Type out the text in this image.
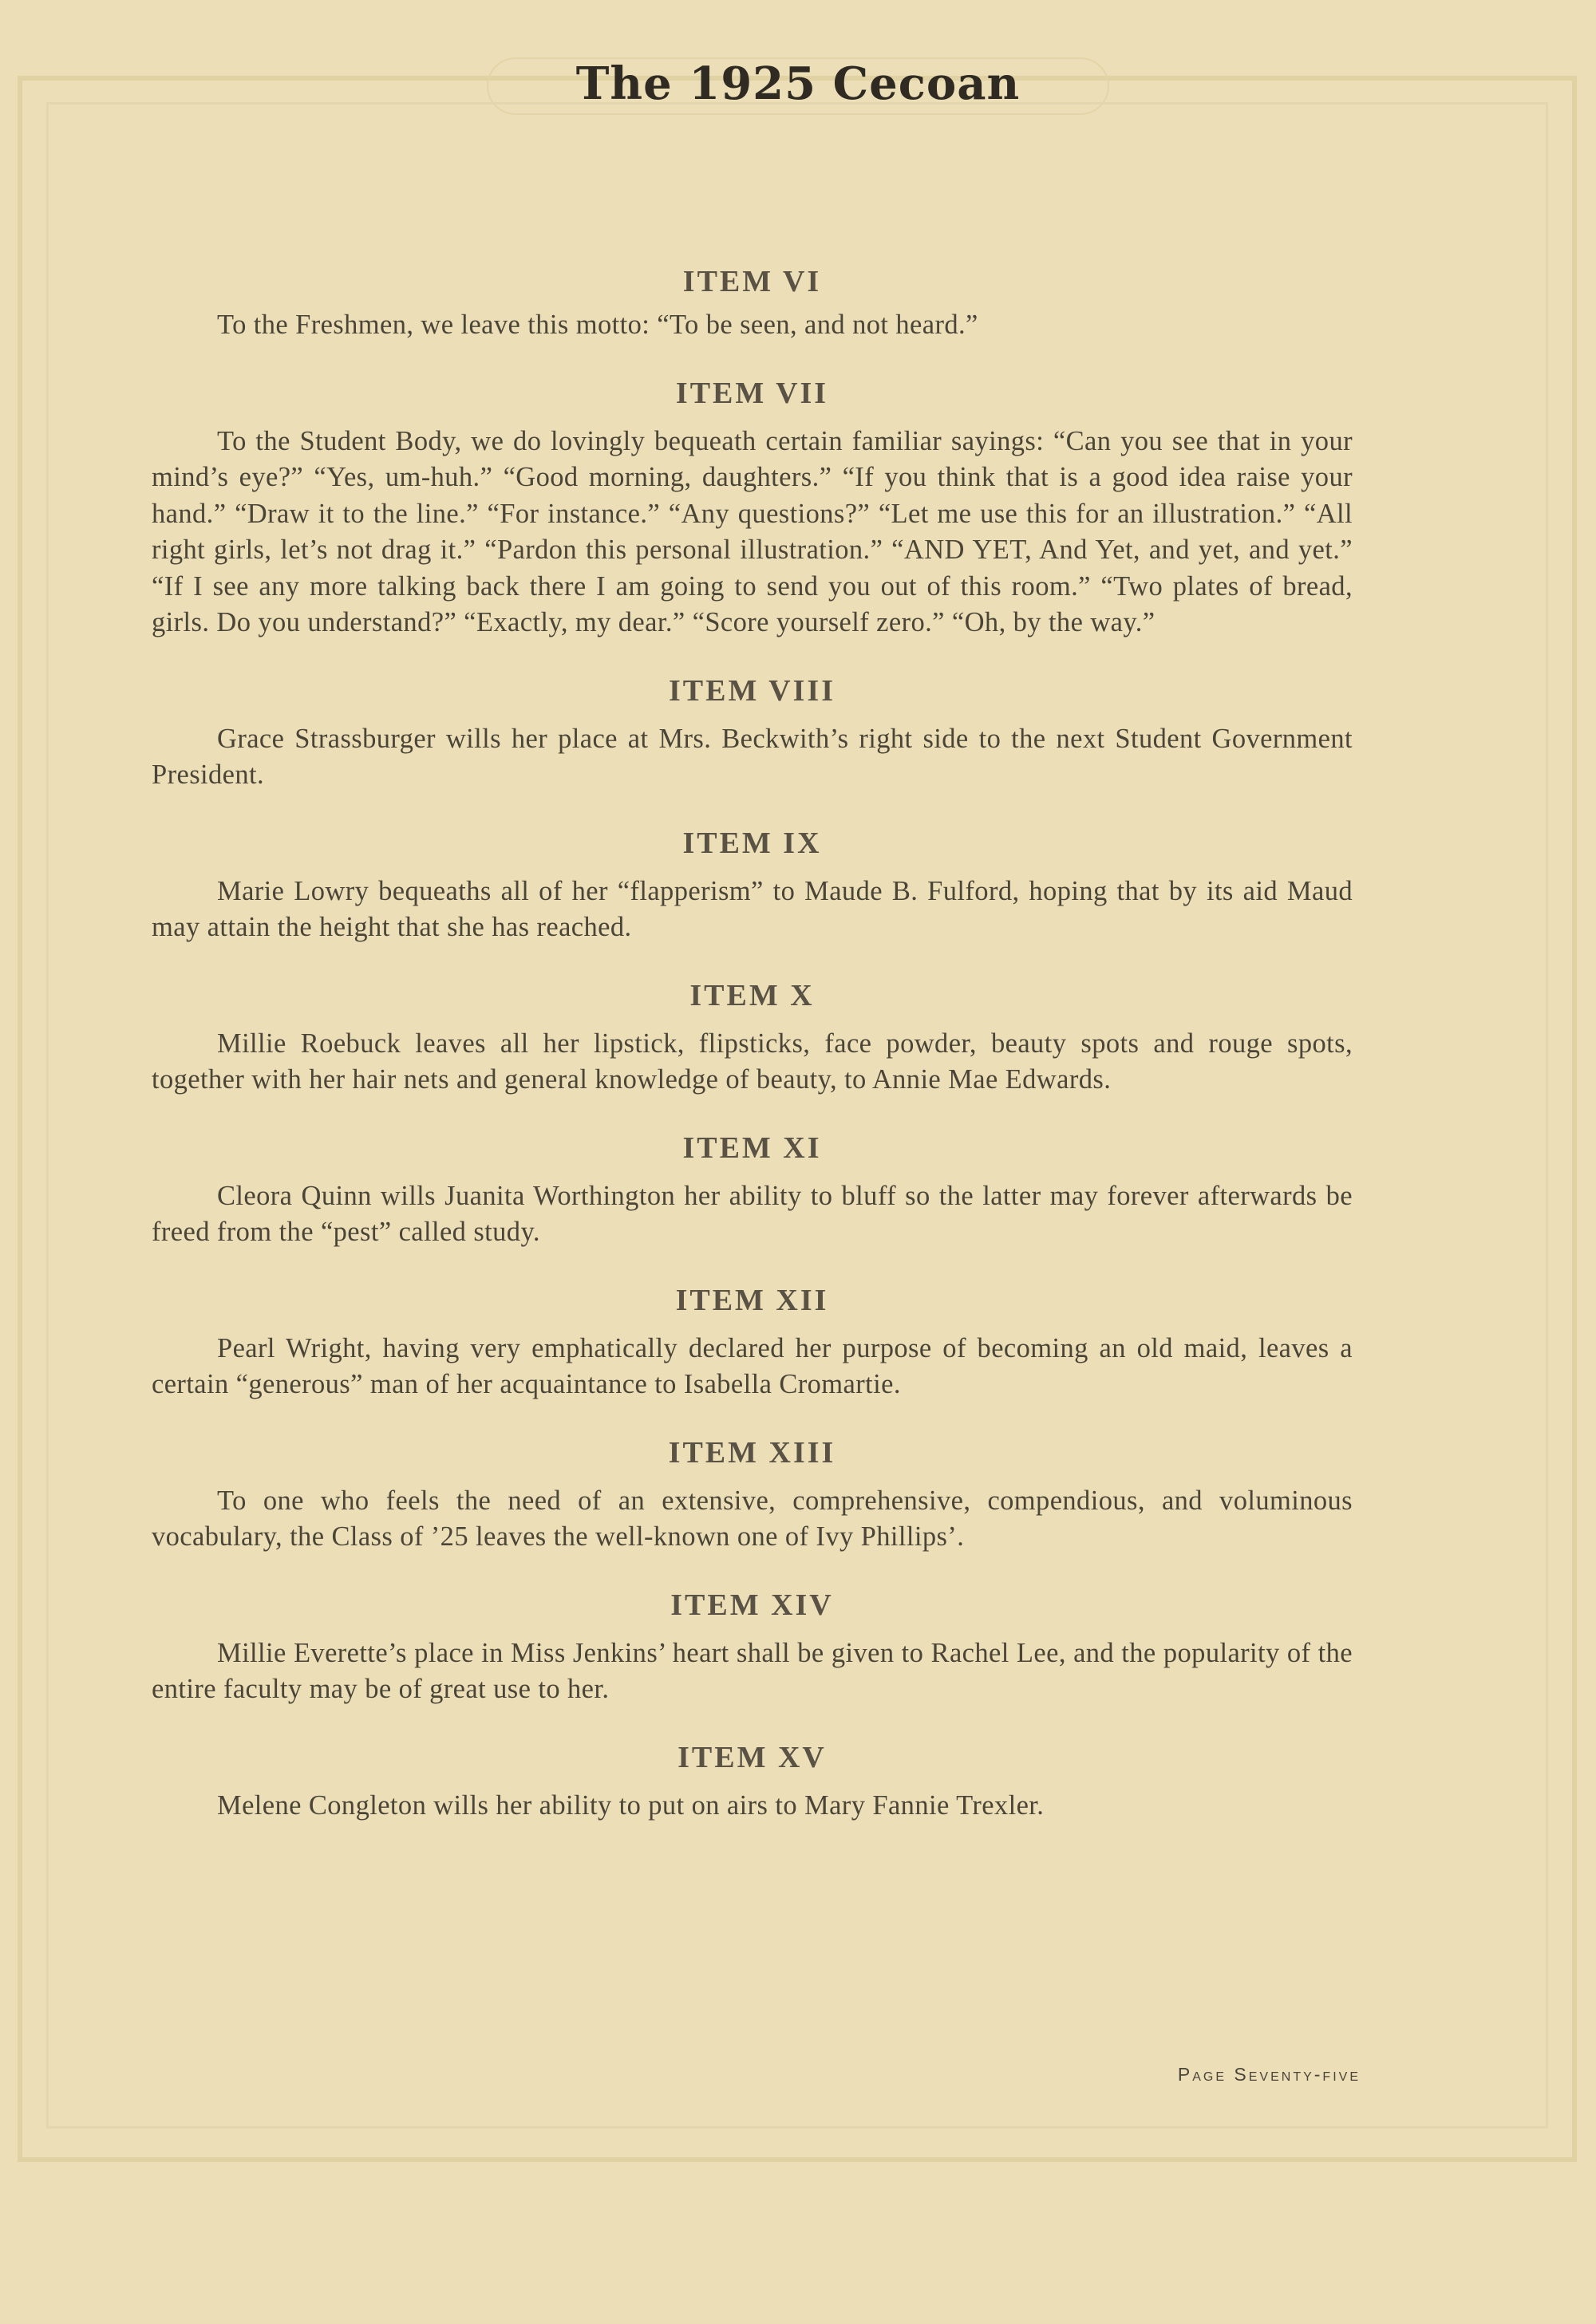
The 1925 Cecoan
ITEM VI

To the Freshmen, we leave this motto: “To be seen, and not heard.”

ITEM VII

To the Student Body, we do lovingly bequeath certain familiar sayings: “Can you see that in your mind’s eye?” “Yes, um-huh.” “Good morning, daughters.” “If you think that is a good idea raise your hand.” “Draw it to the line.” “For instance.” “Any questions?” “Let me use this for an illustration.” “All right girls, let’s not drag it.” “Pardon this personal illustration.” “AND YET, And Yet, and yet, and yet.” “If I see any more talking back there I am going to send you out of this room.” “Two plates of bread, girls. Do you understand?” “Exactly, my dear.” “Score yourself zero.” “Oh, by the way.”

ITEM VIII

Grace Strassburger wills her place at Mrs. Beckwith’s right side to the next Student Government President.

ITEM IX

Marie Lowry bequeaths all of her “flapperism” to Maude B. Fulford, hoping that by its aid Maud may attain the height that she has reached.

ITEM X

Millie Roebuck leaves all her lipstick, flipsticks, face powder, beauty spots and rouge spots, together with her hair nets and general knowledge of beauty, to Annie Mae Edwards.

ITEM XI

Cleora Quinn wills Juanita Worthington her ability to bluff so the latter may forever afterwards be freed from the “pest” called study.

ITEM XII

Pearl Wright, having very emphatically declared her purpose of becoming an old maid, leaves a certain “generous” man of her acquaintance to Isabella Cromartie.

ITEM XIII

To one who feels the need of an extensive, comprehensive, compendious, and voluminous vocabulary, the Class of ’25 leaves the well-known one of Ivy Phillips’.

ITEM XIV

Millie Everette’s place in Miss Jenkins’ heart shall be given to Rachel Lee, and the popularity of the entire faculty may be of great use to her.

ITEM XV

Melene Congleton wills her ability to put on airs to Mary Fannie Trexler.

Page Seventy-five
